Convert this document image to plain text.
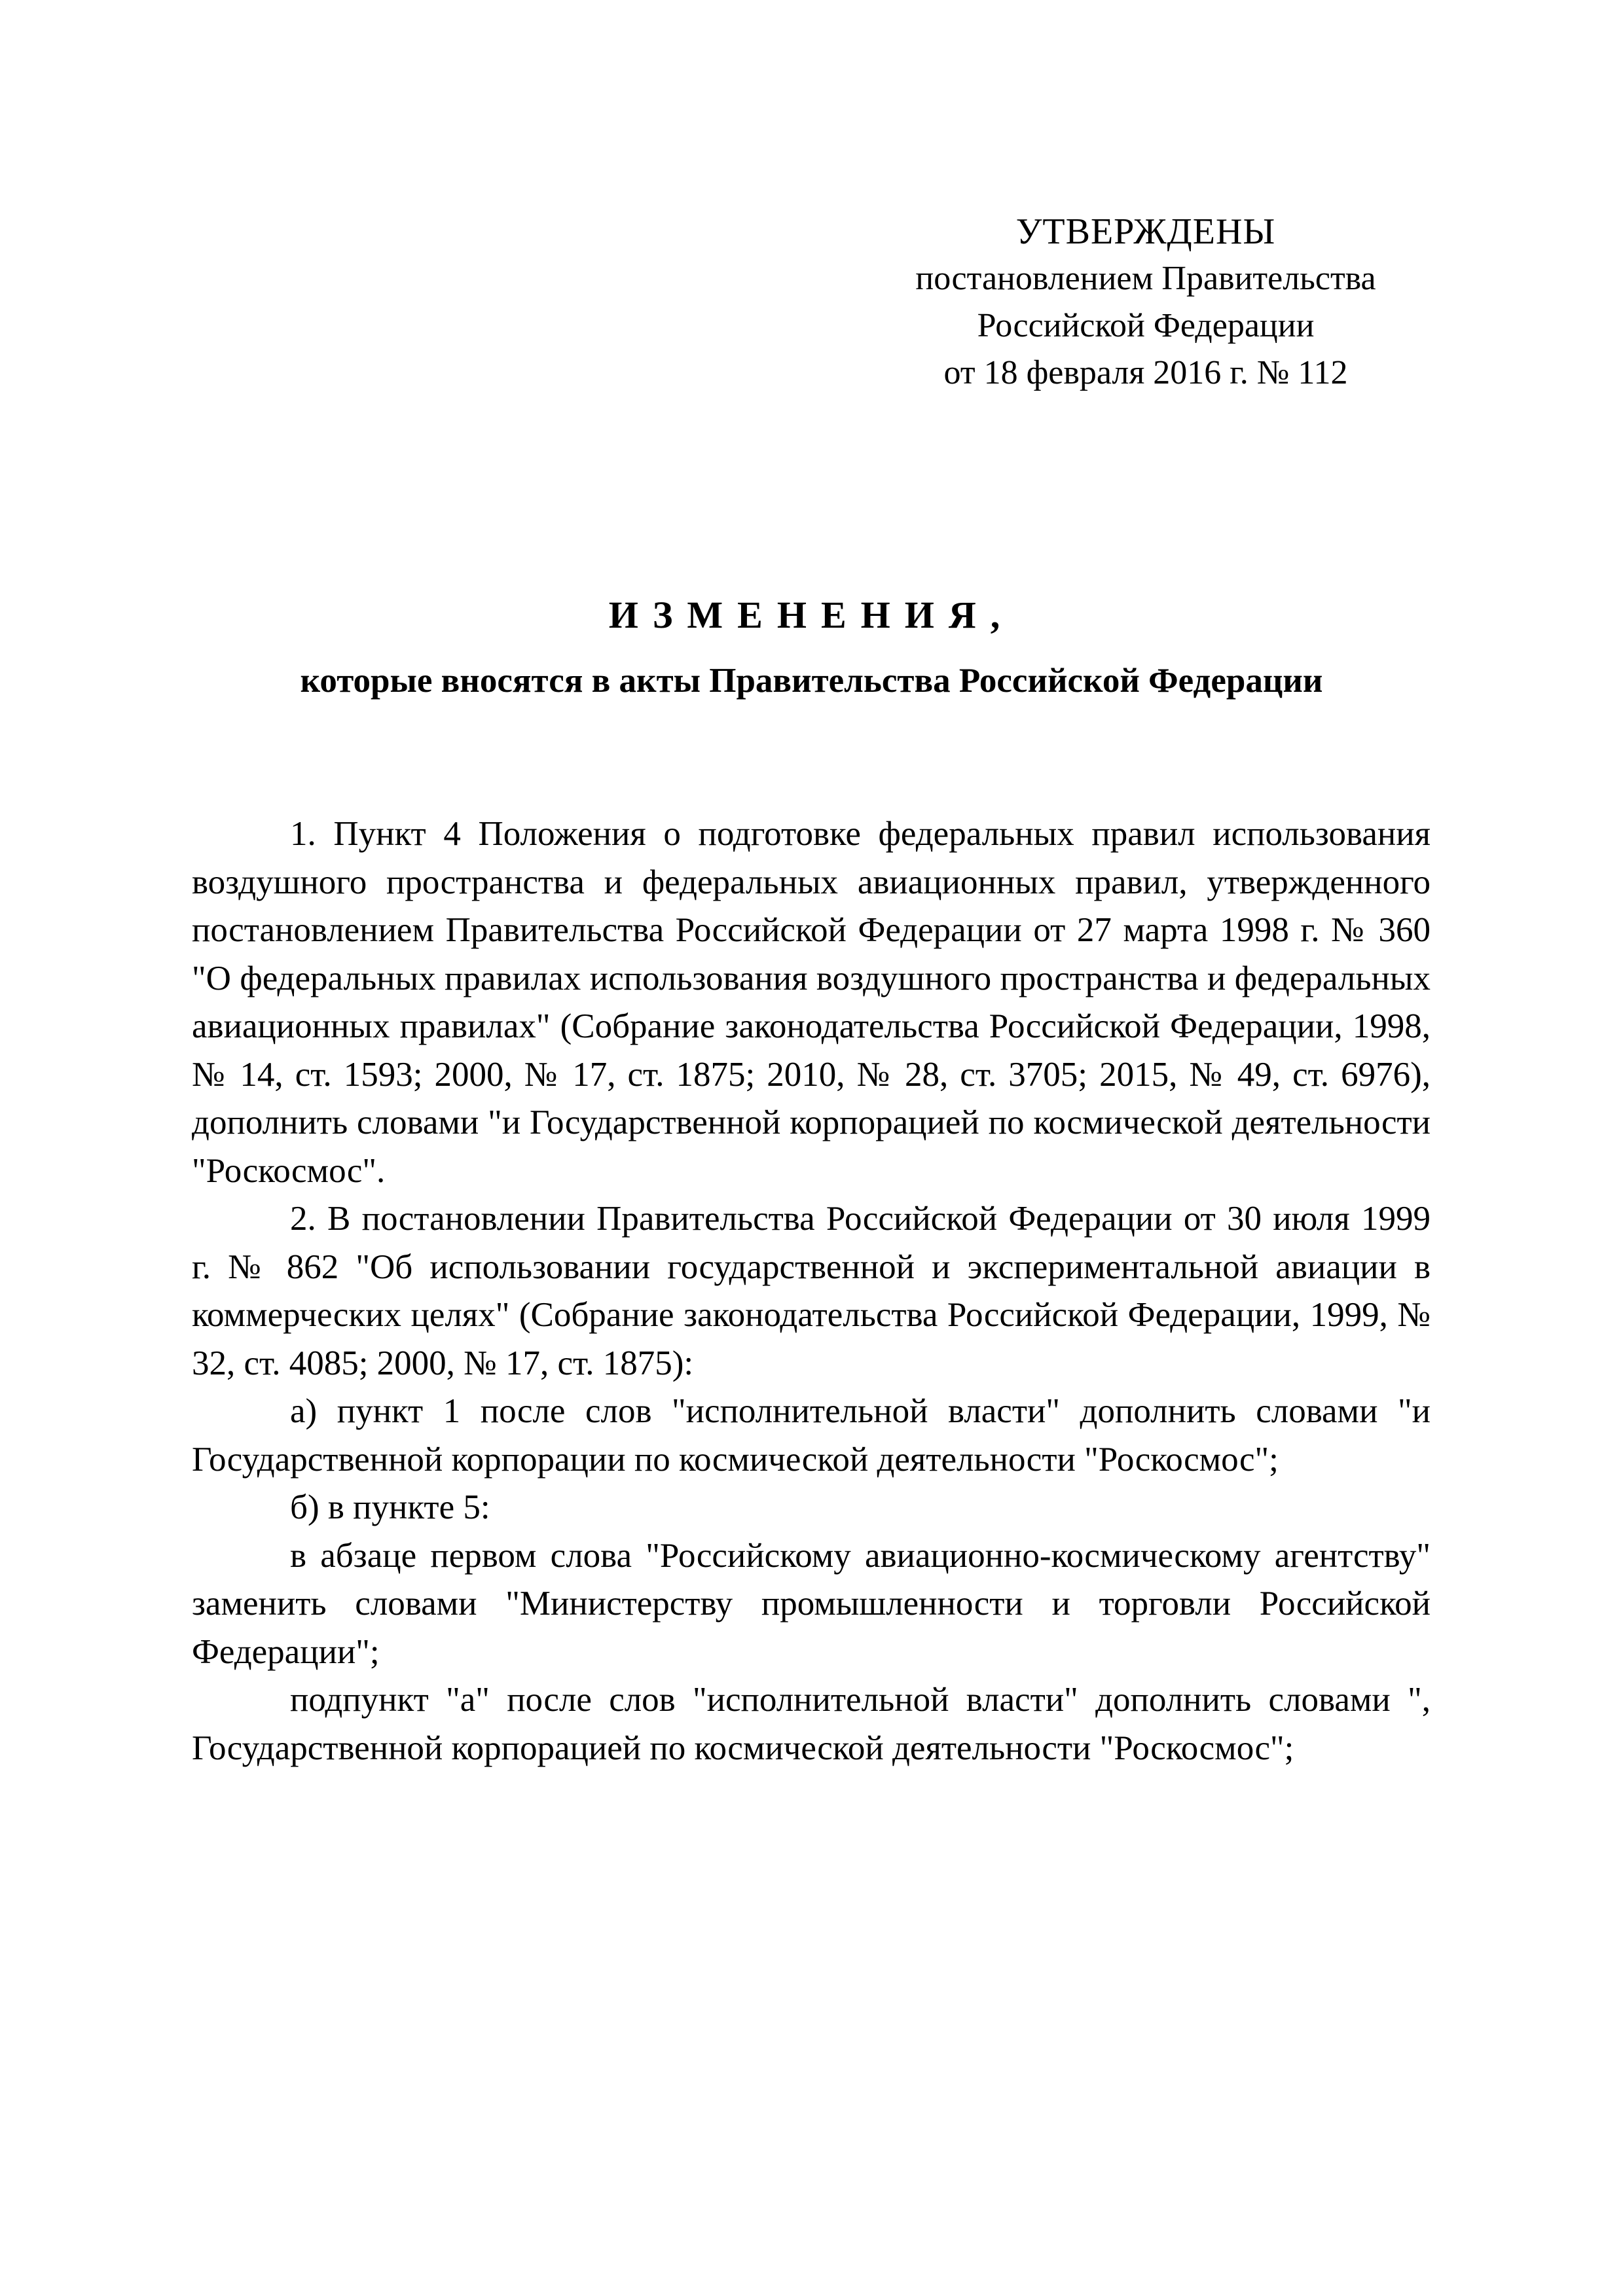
УТВЕРЖДЕНЫ
постановлением Правительства
Российской Федерации
от 18 февраля 2016 г. № 112
ИЗМЕНЕНИЯ,
которые вносятся в акты Правительства Российской Федерации

1. Пункт 4 Положения о подготовке федеральных правил использования воздушного пространства и федеральных авиационных правил, утвержденного постановлением Правительства Российской Федерации от 27 марта 1998 г. № 360 "О федеральных правилах использования воздушного пространства и федеральных авиационных правилах" (Собрание законодательства Российской Федерации, 1998, № 14, ст. 1593; 2000, № 17, ст. 1875; 2010, № 28, ст. 3705; 2015, № 49, ст. 6976), дополнить словами "и Государственной корпорацией по космической деятельности "Роскосмос".

2. В постановлении Правительства Российской Федерации от 30 июля 1999 г. № 862 "Об использовании государственной и экспериментальной авиации в коммерческих целях" (Собрание законодательства Российской Федерации, 1999, № 32, ст. 4085; 2000, № 17, ст. 1875):

а) пункт 1 после слов "исполнительной власти" дополнить словами "и Государственной корпорации по космической деятельности "Роскосмос";

б) в пункте 5:

в абзаце первом слова "Российскому авиационно-космическому агентству" заменить словами "Министерству промышленности и торговли Российской Федерации";

подпункт "а" после слов "исполнительной власти" дополнить словами ", Государственной корпорацией по космической деятельности "Роскосмос";
